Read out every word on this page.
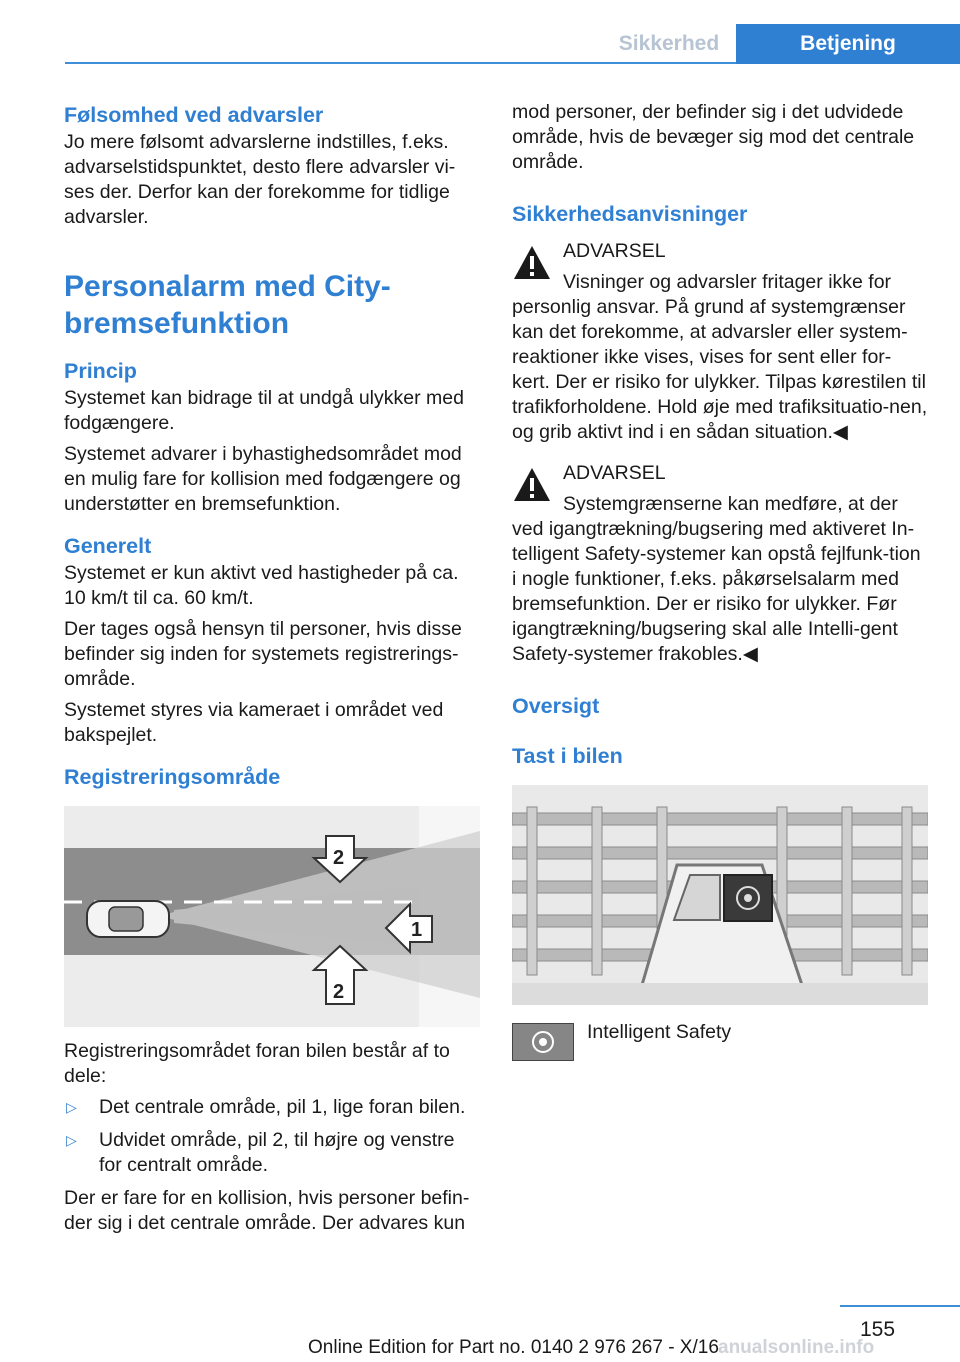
Sikkerhed	Betjening
Følsomhed ved advarsler

Jo mere følsomt advarslerne indstilles, f.eks. advarselstidspunktet, desto flere advarsler vi-ses der. Derfor kan der forekomme for tidlige advarsler.

Personalarm med City-bremsefunktion
Princip

Systemet kan bidrage til at undgå ulykker med fodgængere.

Systemet advarer i byhastighedsområdet mod en mulig fare for kollision med fodgængere og understøtter en bremsefunktion.

Generelt

Systemet er kun aktivt ved hastigheder på ca. 10 km/t til ca. 60 km/t.

Der tages også hensyn til personer, hvis disse befinder sig inden for systemets registrerings-område.

Systemet styres via kameraet i området ved bakspejlet.

Registreringsområde
1
2
2

Registreringsområdet foran bilen består af to dele:

▷ Det centrale område, pil 1, lige foran bilen.
▷ Udvidet område, pil 2, til højre og venstre for centralt område.

Der er fare for en kollision, hvis personer befin-der sig i det centrale område. Der advares kun

mod personer, der befinder sig i det udvidede område, hvis de bevæger sig mod det centrale område.

Sikkerhedsanvisninger

ADVARSEL

Visninger og advarsler fritager ikke for personlig ansvar. På grund af systemgrænser kan det forekomme, at advarsler eller system-reaktioner ikke vises, vises for sent eller for-kert. Der er risiko for ulykker. Tilpas kørestilen til trafikforholdene. Hold øje med trafiksituatio-nen, og grib aktivt ind i en sådan situation.◀

ADVARSEL

Systemgrænserne kan medføre, at der ved igangtrækning/bugsering med aktiveret In-telligent Safety-systemer kan opstå fejlfunk-tion i nogle funktioner, f.eks. påkørselsalarm med bremsefunktion. Der er risiko for ulykker. Før igangtrækning/bugsering skal alle Intelli-gent Safety-systemer frakobles.◀

Oversigt
Tast i bilen
Intelligent Safety
155
Online Edition for Part no. 0140 2 976 267 - X/16 anualsonline.info
